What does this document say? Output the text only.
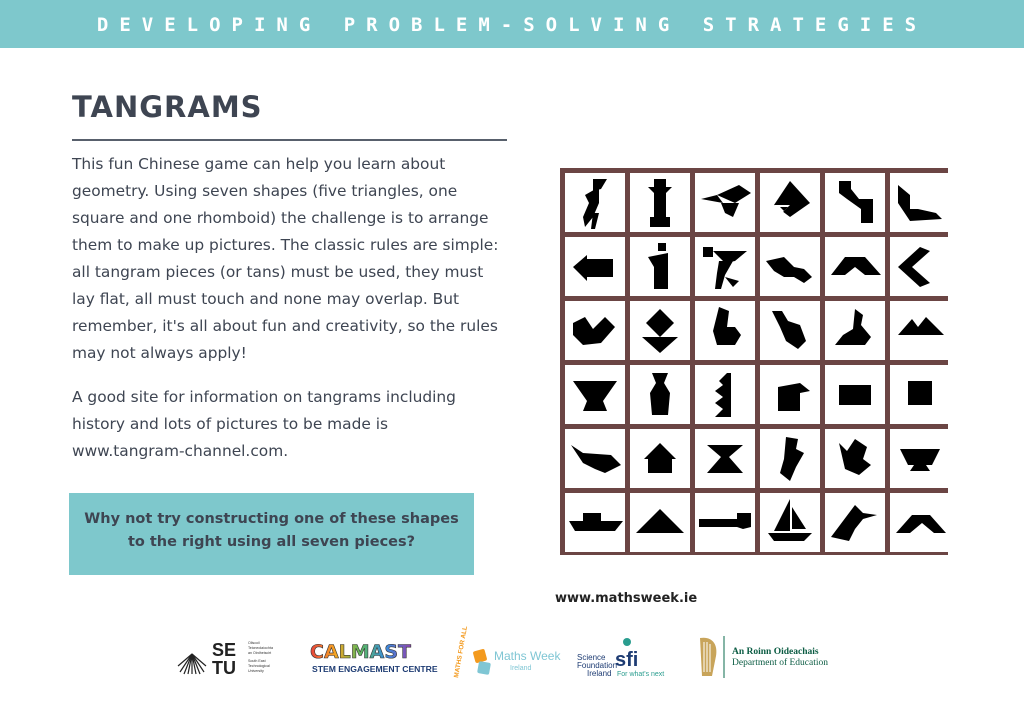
DEVELOPING PROBLEM-SOLVING STRATEGIES
TANGRAMS

This fun Chinese game can help you learn about geometry. Using seven shapes (five triangles, one square and one rhomboid) the challenge is to arrange them to make up pictures. The classic rules are simple: all tangram pieces (or tans) must be used, they must lay flat, all must touch and none may overlap. But remember, it's all about fun and creativity, so the rules may not always apply!

A good site for information on tangrams including history and lots of pictures to be made is www.tangram-channel.com.

Why not try constructing one of these shapes
to the right using all seven pieces?
www.mathsweek.ie
SE
TU
Ollscoil
Teicneolaíochta
an Oirdheiscirt
South East
Technological
University
CALMAST
STEM ENGAGEMENT CENTRE MATHS FOR ALL Maths Week
Ireland
Science
Foundation
Ireland
sfi
For what's next
An Roinn Oideachais
Department of Education
